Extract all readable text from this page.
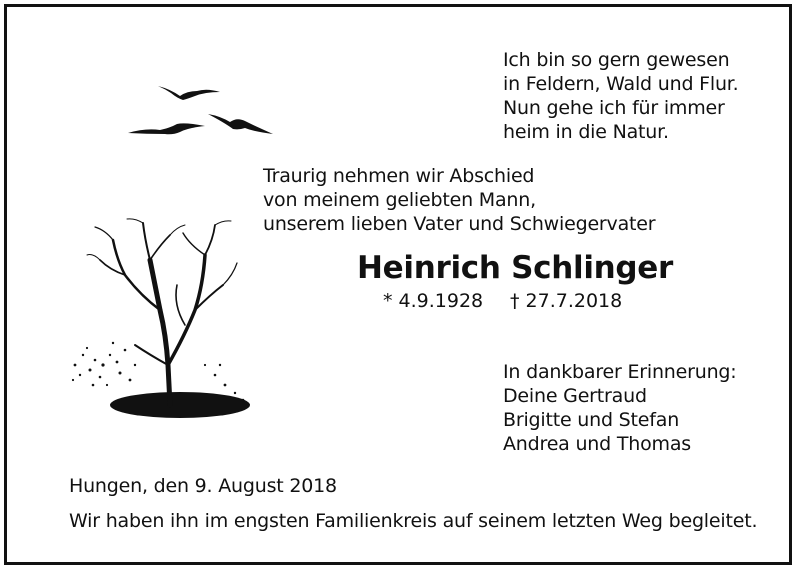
Ich bin so gern gewesen
in Feldern, Wald und Flur.
Nun gehe ich für immer
heim in die Natur.
Traurig nehmen wir Abschied
von meinem geliebten Mann,
unserem lieben Vater und Schwiegervater
Heinrich Schlinger
* 4.9.1928 † 27.7.2018
In dankbarer Erinnerung:
Deine Gertraud
Brigitte und Stefan
Andrea und Thomas
Hungen, den 9. August 2018
Wir haben ihn im engsten Familienkreis auf seinem letzten Weg begleitet.
